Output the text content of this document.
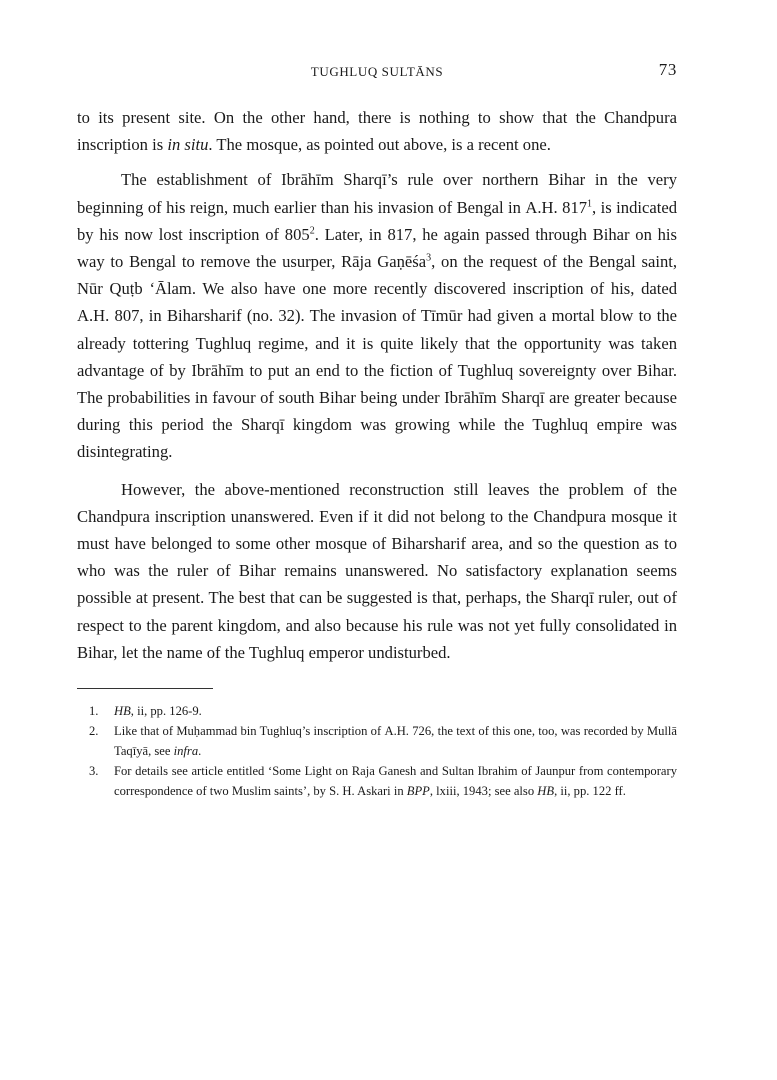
TUGHLUQ SULTĀNS	73

to its present site. On the other hand, there is nothing to show that the Chandpura inscription is in situ. The mosque, as pointed out above, is a recent one.

The establishment of Ibrāhīm Sharqī’s rule over northern Bihar in the very beginning of his reign, much earlier than his invasion of Bengal in A.H. $817^1$, is indicated by his now lost inscription of $805^2$. Later, in 817, he again passed through Bihar on his way to Bengal to remove the usurper, Rāja Gaṇēśa$^3$, on the request of the Bengal saint, Nūr Quṭb ‘Ālam. We also have one more recently discovered inscription of his, dated A.H. 807, in Biharsharif (no. 32). The invasion of Tīmūr had given a mortal blow to the already tottering Tughluq regime, and it is quite likely that the opportunity was taken advantage of by Ibrāhīm to put an end to the fiction of Tughluq sovereignty over Bihar. The probabilities in favour of south Bihar being under Ibrāhīm Sharqī are greater because during this period the Sharqī kingdom was growing while the Tughluq empire was disintegrating.

However, the above-mentioned reconstruction still leaves the problem of the Chandpura inscription unanswered. Even if it did not belong to the Chandpura mosque it must have belonged to some other mosque of Biharsharif area, and so the question as to who was the ruler of Bihar remains unanswered. No satisfactory explanation seems possible at present. The best that can be suggested is that, perhaps, the Sharqī ruler, out of respect to the parent kingdom, and also because his rule was not yet fully consolidated in Bihar, let the name of the Tughluq emperor undisturbed.

1. HB, ii, pp. 126-9.
2. Like that of Muḥammad bin Tughluq’s inscription of A.H. 726, the text of this one, too, was recorded by Mullā Taqīyā, see infra.
3. For details see article entitled ‘Some Light on Raja Ganesh and Sultan Ibrahim of Jaunpur from contemporary correspondence of two Muslim saints’, by S. H. Askari in BPP, lxiii, 1943; see also HB, ii, pp. 122 ff.
